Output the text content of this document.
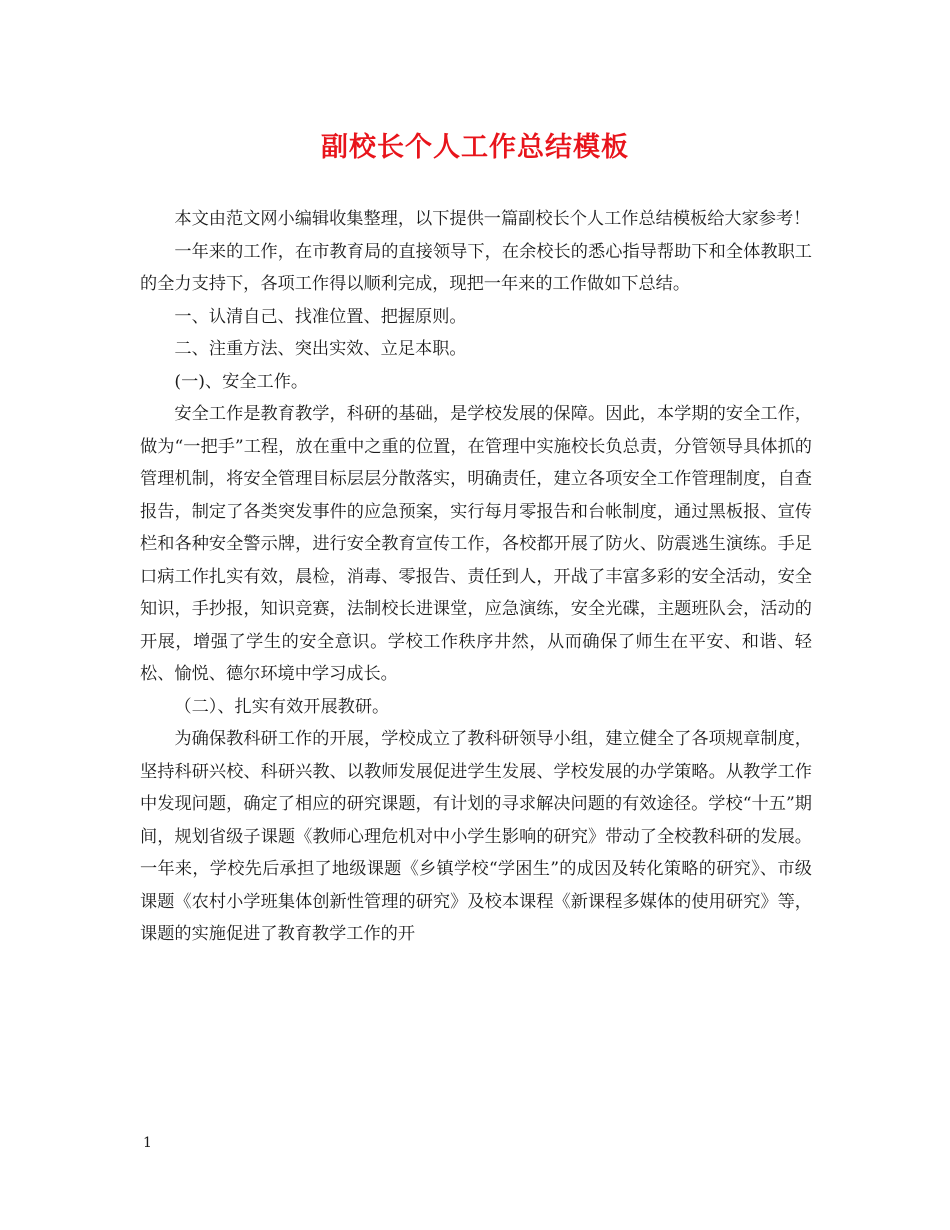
副校长个人工作总结模板

本文由范文网小编辑收集整理，以下提供一篇副校长个人工作总结模板给大家参考！

一年来的工作，在市教育局的直接领导下，在余校长的悉心指导帮助下和全体教职工的全力支持下，各项工作得以顺利完成，现把一年来的工作做如下总结。

一、认清自己、找准位置、把握原则。

二、注重方法、突出实效、立足本职。

(一)、安全工作。

安全工作是教育教学，科研的基础，是学校发展的保障。因此，本学期的安全工作，做为“一把手”工程，放在重中之重的位置，在管理中实施校长负总责，分管领导具体抓的管理机制，将安全管理目标层层分散落实，明确责任，建立各项安全工作管理制度，自查报告，制定了各类突发事件的应急预案，实行每月零报告和台帐制度，通过黑板报、宣传栏和各种安全警示牌，进行安全教育宣传工作，各校都开展了防火、防震逃生演练。手足口病工作扎实有效，晨检，消毒、零报告、责任到人，开战了丰富多彩的安全活动，安全知识，手抄报，知识竞赛，法制校长进课堂，应急演练，安全光碟，主题班队会，活动的开展，增强了学生的安全意识。学校工作秩序井然，从而确保了师生在平安、和谐、轻松、愉悦、德尔环境中学习成长。

（二）、扎实有效开展教研。

为确保教科研工作的开展，学校成立了教科研领导小组，建立健全了各项规章制度，坚持科研兴校、科研兴教、以教师发展促进学生发展、学校发展的办学策略。从教学工作中发现问题，确定了相应的研究课题，有计划的寻求解决问题的有效途径。学校“十五”期间，规划省级子课题《教师心理危机对中小学生影响的研究》带动了全校教科研的发展。一年来，学校先后承担了地级课题《乡镇学校“学困生”的成因及转化策略的研究》、市级课题《农村小学班集体创新性管理的研究》及校本课程《新课程多媒体的使用研究》等，课题的实施促进了教育教学工作的开

1
